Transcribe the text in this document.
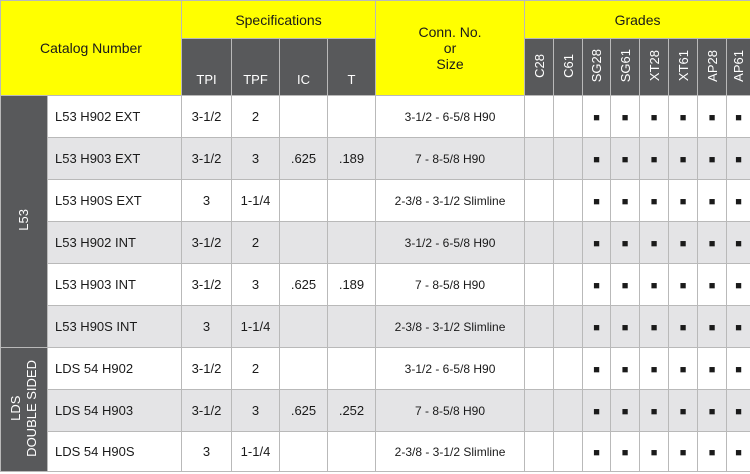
Catalog Number		Specifications				Conn. No.
or
Size	Grades							
		TPI	TPF	IC	T		C28	C61	SG28	SG61	XT28	XT61	AP28	AP61

L53	L53 H902 EXT	3-1/2	2			3-1/2 - 6-5/8 H90			■	■	■	■	■	■
	L53 H903 EXT	3-1/2	3	.625	.189	7 - 8-5/8 H90			■	■	■	■	■	■
	L53 H90S EXT	3	1-1/4			2-3/8 - 3-1/2 Slimline			■	■	■	■	■	■
	L53 H902 INT	3-1/2	2			3-1/2 - 6-5/8 H90			■	■	■	■	■	■
	L53 H903 INT	3-1/2	3	.625	.189	7 - 8-5/8 H90			■	■	■	■	■	■
	L53 H90S INT	3	1-1/4			2-3/8 - 3-1/2 Slimline			■	■	■	■	■	■

LDS DOUBLE SIDED	LDS 54 H902	3-1/2	2			3-1/2 - 6-5/8 H90			■	■	■	■	■	■
	LDS 54 H903	3-1/2	3	.625	.252	7 - 8-5/8 H90			■	■	■	■	■	■
	LDS 54 H90S	3	1-1/4			2-3/8 - 3-1/2 Slimline			■	■	■	■	■	■
